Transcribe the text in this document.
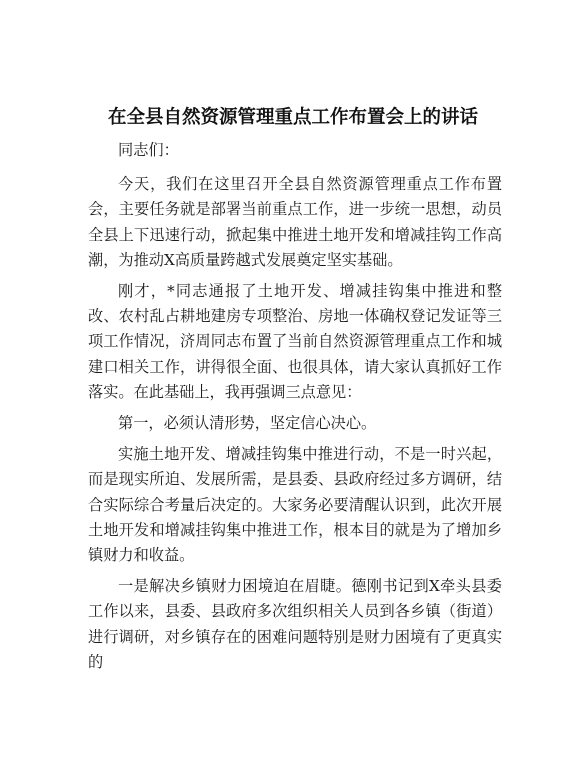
在全县自然资源管理重点工作布置会上的讲话

同志们：

今天，我们在这里召开全县自然资源管理重点工作布置会，主要任务就是部署当前重点工作，进一步统一思想，动员全县上下迅速行动，掀起集中推进土地开发和增减挂钩工作高潮，为推动X高质量跨越式发展奠定坚实基础。

刚才，*同志通报了土地开发、增减挂钩集中推进和整改、农村乱占耕地建房专项整治、房地一体确权登记发证等三项工作情况，济周同志布置了当前自然资源管理重点工作和城建口相关工作，讲得很全面、也很具体，请大家认真抓好工作落实。在此基础上，我再强调三点意见：

第一，必须认清形势，坚定信心决心。

实施土地开发、增减挂钩集中推进行动，不是一时兴起，而是现实所迫、发展所需，是县委、县政府经过多方调研，结合实际综合考量后决定的。大家务必要清醒认识到，此次开展土地开发和增减挂钩集中推进工作，根本目的就是为了增加乡镇财力和收益。

一是解决乡镇财力困境迫在眉睫。德刚书记到X牵头县委工作以来，县委、县政府多次组织相关人员到各乡镇（街道）进行调研，对乡镇存在的困难问题特别是财力困境有了更真实的
